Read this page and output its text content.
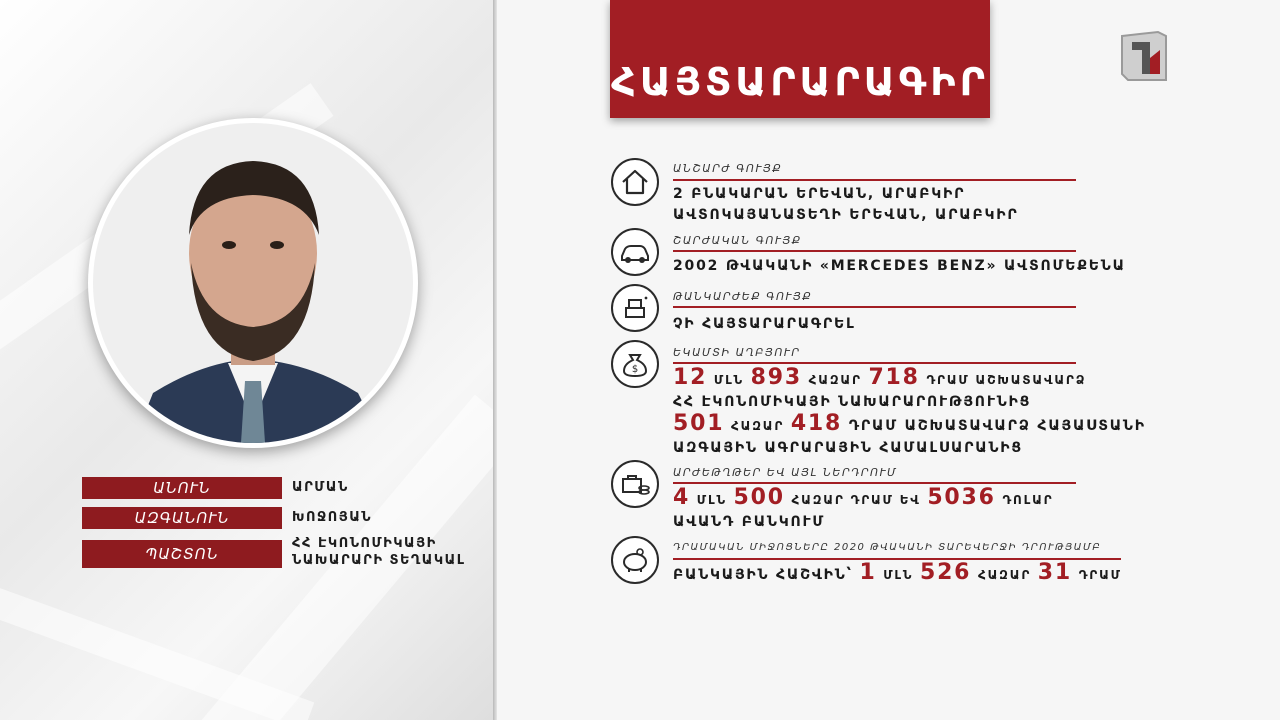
ԱՆՈՒՆ	ԱՐՄԱՆ
ԱԶԳԱՆՈՒՆ	ԽՈՋՈՅԱՆ
ՊԱՇՏՈՆ
ՀՀ ԷԿՈՆՈՄԻԿԱՅԻ
ՆԱԽԱՐԱՐԻ ՏԵՂԱԿԱԼ
ՀԱՅՏԱՐԱՐԱԳԻՐ
ԱՆՇԱՐԺ ԳՈՒՅՔ
2 ԲՆԱԿԱՐԱՆ ԵՐԵՎԱՆ, ԱՐԱԲԿԻՐ
ԱՎՏՈԿԱՅԱՆԱՏԵՂԻ ԵՐԵՎԱՆ, ԱՐԱԲԿԻՐ
ՇԱՐԺԱԿԱՆ ԳՈՒՅՔ
2002 ԹՎԱԿԱՆԻ «MERCEDES BENZ» ԱՎՏՈՄԵՔԵՆԱ
ԹԱՆԿԱՐԺԵՔ ԳՈՒՅՔ
ՉԻ ՀԱՅՏԱՐԱՐԱԳՐԵԼ
$
ԵԿԱՄՏԻ ԱՂԲՅՈՒՐ
12 ՄԼՆ 893 ՀԱԶԱՐ 718 ԴՐԱՄ ԱՇԽԱՏԱՎԱՐՁ
ՀՀ ԷԿՈՆՈՄԻԿԱՅԻ ՆԱԽԱՐԱՐՈՒԹՅՈՒՆԻՑ
501 ՀԱԶԱՐ 418 ԴՐԱՄ ԱՇԽԱՏԱՎԱՐՁ ՀԱՅԱՍՏԱՆԻ
ԱԶԳԱՅԻՆ ԱԳՐԱՐԱՅԻՆ ՀԱՄԱԼՍԱՐԱՆԻՑ
ԱՐԺԵԹՂԹԵՐ ԵՎ ԱՅԼ ՆԵՐԴՐՈՒՄ
4 ՄԼՆ 500 ՀԱԶԱՐ ԴՐԱՄ ԵՎ 5036 ԴՈԼԱՐ
ԱՎԱՆԴ ԲԱՆԿՈՒՄ
ԴՐԱՄԱԿԱՆ ՄԻՋՈՑՆԵՐԸ 2020 ԹՎԱԿԱՆԻ ՏԱՐԵՎԵՐՋԻ ԴՐՈՒԹՅԱՄԲ
ԲԱՆԿԱՅԻՆ ՀԱՇՎԻՆ՝ 1 ՄԼՆ 526 ՀԱԶԱՐ 31 ԴՐԱՄ
